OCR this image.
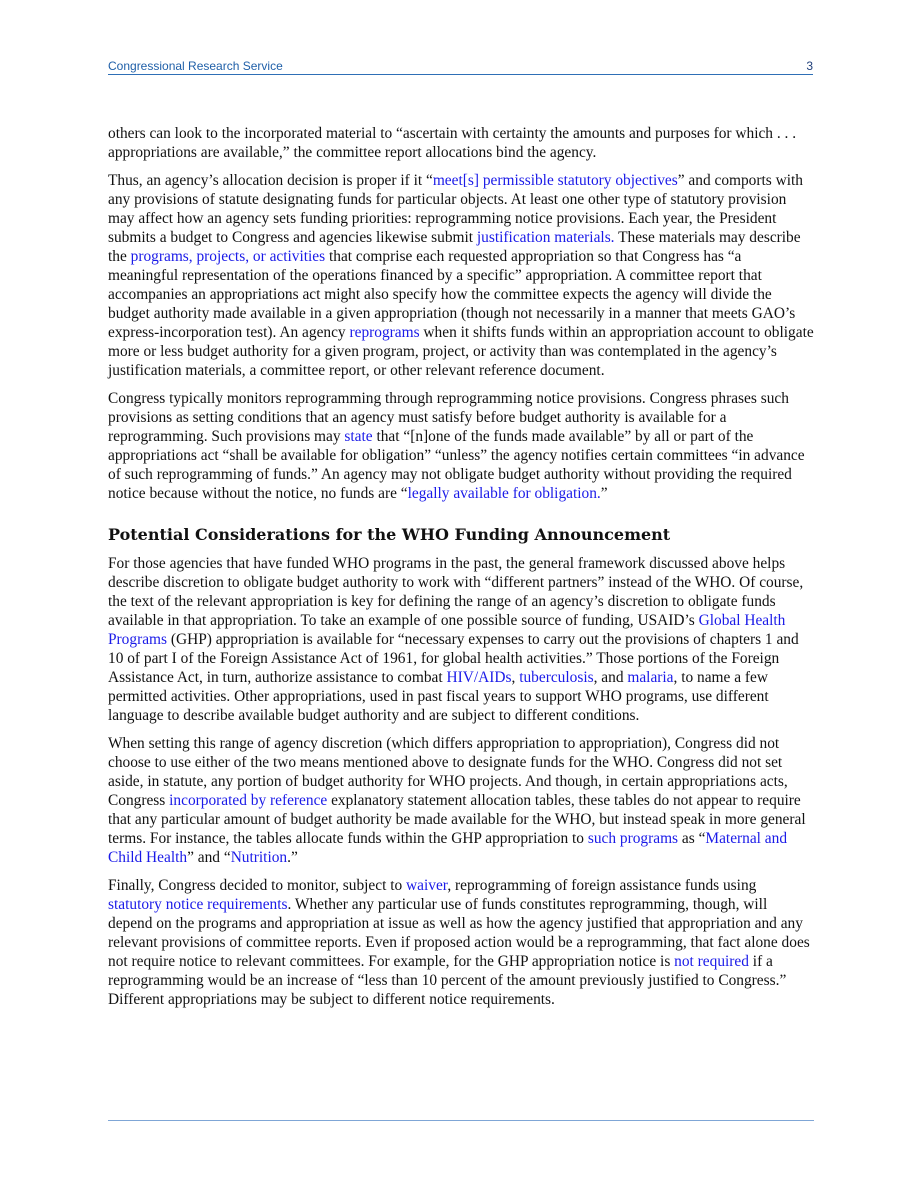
Congressional Research Service	3

others can look to the incorporated material to “ascertain with certainty the amounts and purposes for which . . . appropriations are available,” the committee report allocations bind the agency.

Thus, an agency’s allocation decision is proper if it “meet[s] permissible statutory objectives” and comports with any provisions of statute designating funds for particular objects. At least one other type of statutory provision may affect how an agency sets funding priorities: reprogramming notice provisions. Each year, the President submits a budget to Congress and agencies likewise submit justification materials. These materials may describe the programs, projects, or activities that comprise each requested appropriation so that Congress has “a meaningful representation of the operations financed by a specific” appropriation. A committee report that accompanies an appropriations act might also specify how the committee expects the agency will divide the budget authority made available in a given appropriation (though not necessarily in a manner that meets GAO’s express-incorporation test). An agency reprograms when it shifts funds within an appropriation account to obligate more or less budget authority for a given program, project, or activity than was contemplated in the agency’s justification materials, a committee report, or other relevant reference document.

Congress typically monitors reprogramming through reprogramming notice provisions. Congress phrases such provisions as setting conditions that an agency must satisfy before budget authority is available for a reprogramming. Such provisions may state that “[n]one of the funds made available” by all or part of the appropriations act “shall be available for obligation” “unless” the agency notifies certain committees “in advance of such reprogramming of funds.” An agency may not obligate budget authority without providing the required notice because without the notice, no funds are “legally available for obligation.”

Potential Considerations for the WHO Funding Announcement

For those agencies that have funded WHO programs in the past, the general framework discussed above helps describe discretion to obligate budget authority to work with “different partners” instead of the WHO. Of course, the text of the relevant appropriation is key for defining the range of an agency’s discretion to obligate funds available in that appropriation. To take an example of one possible source of funding, USAID’s Global Health Programs (GHP) appropriation is available for “necessary expenses to carry out the provisions of chapters 1 and 10 of part I of the Foreign Assistance Act of 1961, for global health activities.” Those portions of the Foreign Assistance Act, in turn, authorize assistance to combat HIV/AIDs, tuberculosis, and malaria, to name a few permitted activities. Other appropriations, used in past fiscal years to support WHO programs, use different language to describe available budget authority and are subject to different conditions.

When setting this range of agency discretion (which differs appropriation to appropriation), Congress did not choose to use either of the two means mentioned above to designate funds for the WHO. Congress did not set aside, in statute, any portion of budget authority for WHO projects. And though, in certain appropriations acts, Congress incorporated by reference explanatory statement allocation tables, these tables do not appear to require that any particular amount of budget authority be made available for the WHO, but instead speak in more general terms. For instance, the tables allocate funds within the GHP appropriation to such programs as “Maternal and Child Health” and “Nutrition.”

Finally, Congress decided to monitor, subject to waiver, reprogramming of foreign assistance funds using statutory notice requirements. Whether any particular use of funds constitutes reprogramming, though, will depend on the programs and appropriation at issue as well as how the agency justified that appropriation and any relevant provisions of committee reports. Even if proposed action would be a reprogramming, that fact alone does not require notice to relevant committees. For example, for the GHP appropriation notice is not required if a reprogramming would be an increase of “less than 10 percent of the amount previously justified to Congress.” Different appropriations may be subject to different notice requirements.
